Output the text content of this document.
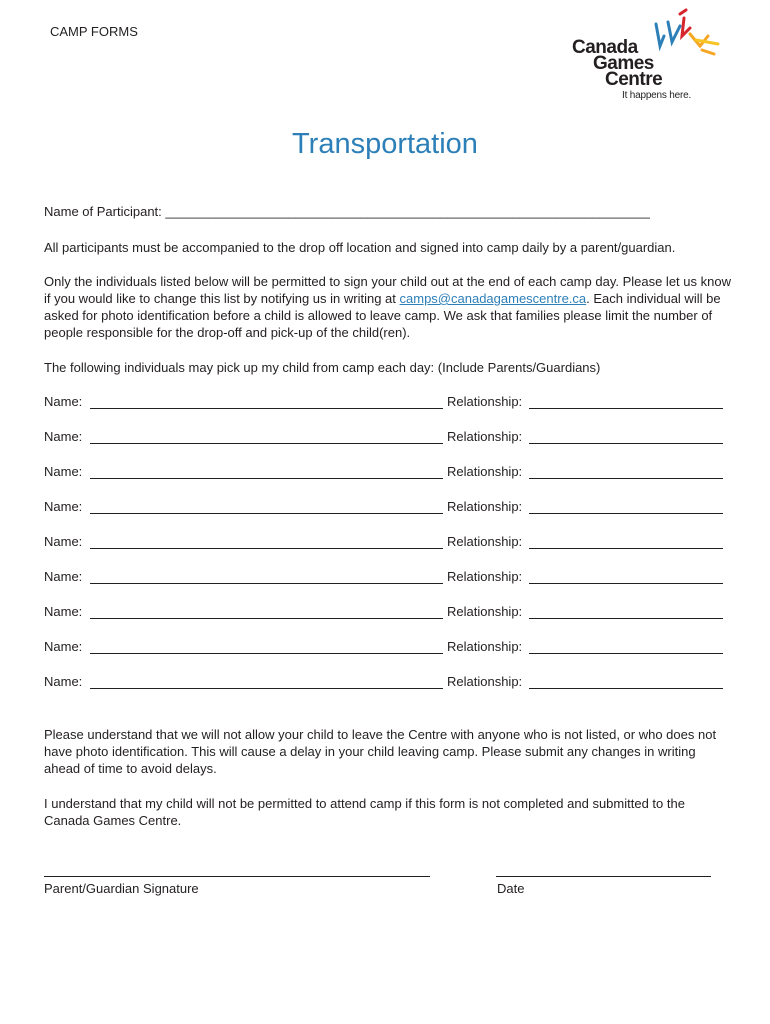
CAMP FORMS
Canada
Games
Centre
It happens here.
Transportation
Name of Participant: ___________________________________________________________________
All participants must be accompanied to the drop off location and signed into camp daily by a parent/guardian.
Only the individuals listed below will be permitted to sign your child out at the end of each camp day. Please let us know if you would like to change this list by notifying us in writing at camps@canadagamescentre.ca. Each individual will be asked for photo identification before a child is allowed to leave camp. We ask that families please limit the number of people responsible for the drop-off and pick-up of the child(ren).
The following individuals may pick up my child from camp each day: (Include Parents/Guardians)
Name:	Relationship:
Name:	Relationship:
Name:	Relationship:
Name:	Relationship:
Name:	Relationship:
Name:	Relationship:
Name:	Relationship:
Name:	Relationship:
Name:	Relationship:
Please understand that we will not allow your child to leave the Centre with anyone who is not listed, or who does not have photo identification. This will cause a delay in your child leaving camp. Please submit any changes in writing ahead of time to avoid delays.
I understand that my child will not be permitted to attend camp if this form is not completed and submitted to the Canada Games Centre.
Parent/Guardian Signature	Date
